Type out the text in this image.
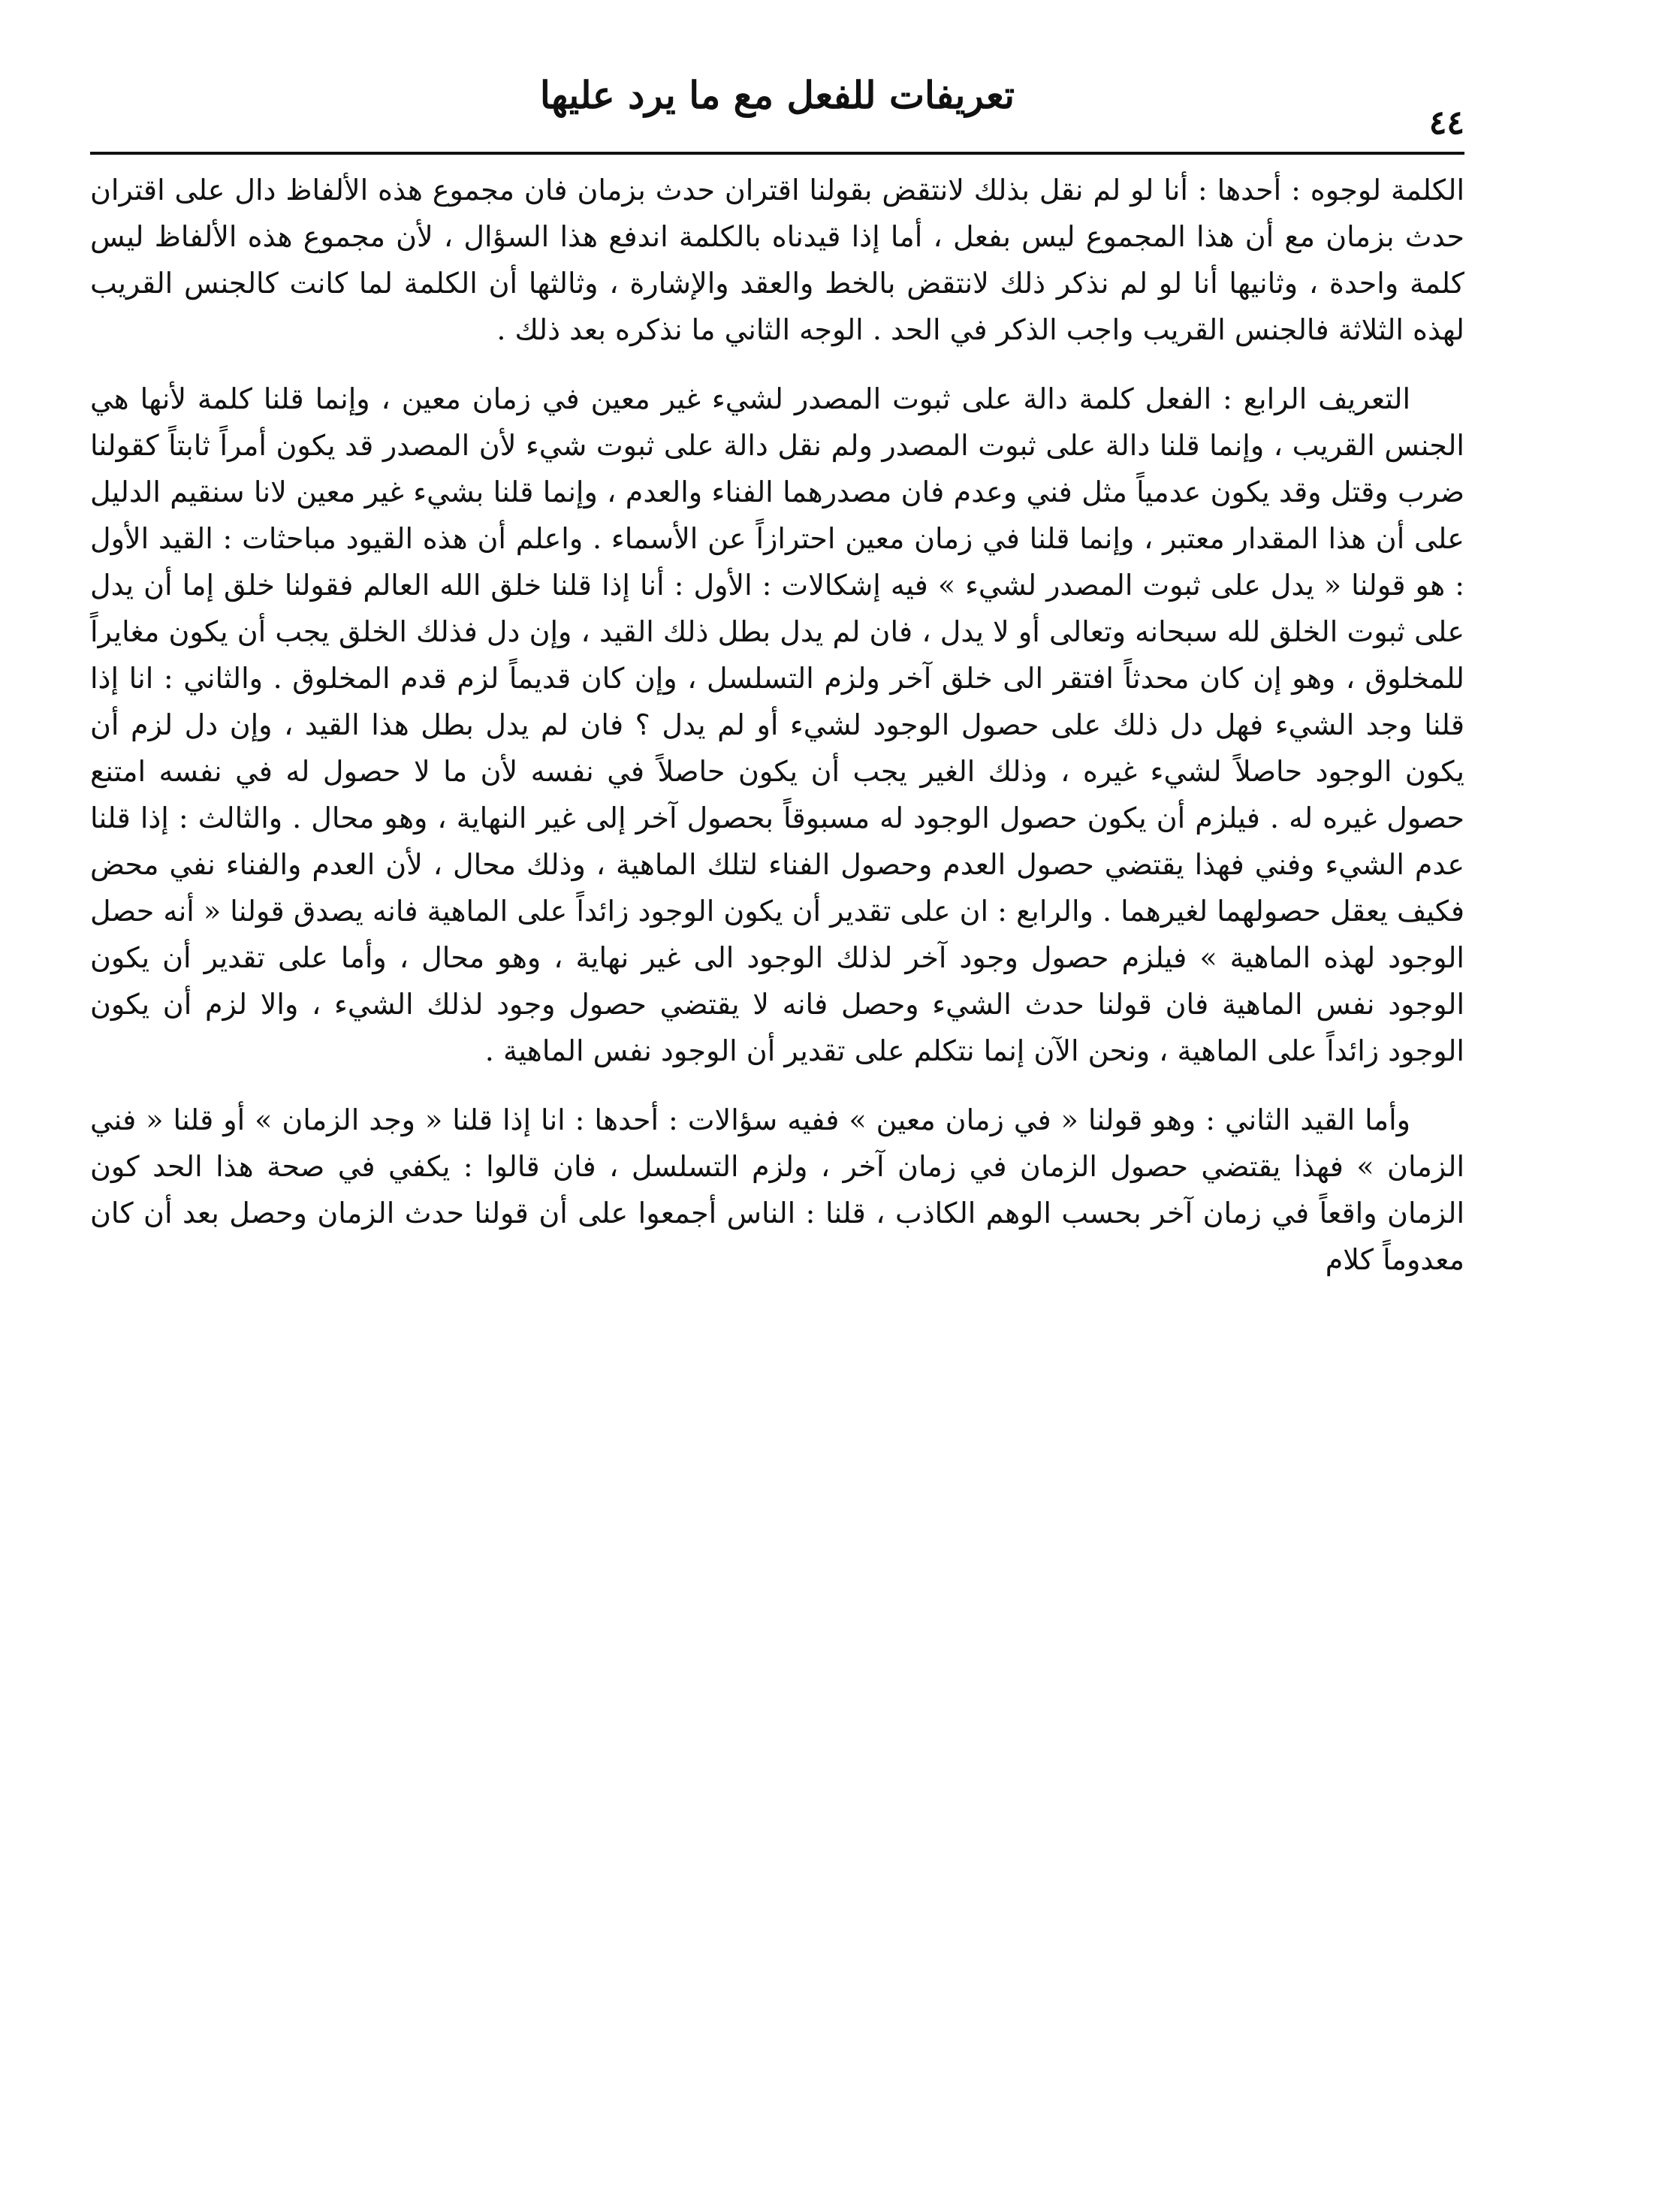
٤٤
تعريفات للفعل مع ما يرد عليها

الكلمة لوجوه : أحدها : أنا لو لم نقل بذلك لانتقض بقولنا اقتران حدث بزمان فان مجموع هذه الألفاظ دال على اقتران حدث بزمان مع أن هذا المجموع ليس بفعل ، أما إذا قيدناه بالكلمة اندفع هذا السؤال ، لأن مجموع هذه الألفاظ ليس كلمة واحدة ، وثانيها أنا لو لم نذكر ذلك لانتقض بالخط والعقد والإشارة ، وثالثها أن الكلمة لما كانت كالجنس القريب لهذه الثلاثة فالجنس القريب واجب الذكر في الحد . الوجه الثاني ما نذكره بعد ذلك .

التعريف الرابع : الفعل كلمة دالة على ثبوت المصدر لشيء غير معين في زمان معين ، وإنما قلنا كلمة لأنها هي الجنس القريب ، وإنما قلنا دالة على ثبوت المصدر ولم نقل دالة على ثبوت شيء لأن المصدر قد يكون أمراً ثابتاً كقولنا ضرب وقتل وقد يكون عدمياً مثل فني وعدم فان مصدرهما الفناء والعدم ، وإنما قلنا بشيء غير معين لانا سنقيم الدليل على أن هذا المقدار معتبر ، وإنما قلنا في زمان معين احترازاً عن الأسماء . واعلم أن هذه القيود مباحثات : القيد الأول : هو قولنا « يدل على ثبوت المصدر لشيء » فيه إشكالات : الأول : أنا إذا قلنا خلق الله العالم فقولنا خلق إما أن يدل على ثبوت الخلق لله سبحانه وتعالى أو لا يدل ، فان لم يدل بطل ذلك القيد ، وإن دل فذلك الخلق يجب أن يكون مغايراً للمخلوق ، وهو إن كان محدثاً افتقر الى خلق آخر ولزم التسلسل ، وإن كان قديماً لزم قدم المخلوق . والثاني : انا إذا قلنا وجد الشيء فهل دل ذلك على حصول الوجود لشيء أو لم يدل ؟ فان لم يدل بطل هذا القيد ، وإن دل لزم أن يكون الوجود حاصلاً لشيء غيره ، وذلك الغير يجب أن يكون حاصلاً في نفسه لأن ما لا حصول له في نفسه امتنع حصول غيره له . فيلزم أن يكون حصول الوجود له مسبوقاً بحصول آخر إلى غير النهاية ، وهو محال . والثالث : إذا قلنا عدم الشيء وفني فهذا يقتضي حصول العدم وحصول الفناء لتلك الماهية ، وذلك محال ، لأن العدم والفناء نفي محض فكيف يعقل حصولهما لغيرهما . والرابع : ان على تقدير أن يكون الوجود زائداً على الماهية فانه يصدق قولنا « أنه حصل الوجود لهذه الماهية » فيلزم حصول وجود آخر لذلك الوجود الى غير نهاية ، وهو محال ، وأما على تقدير أن يكون الوجود نفس الماهية فان قولنا حدث الشيء وحصل فانه لا يقتضي حصول وجود لذلك الشيء ، والا لزم أن يكون الوجود زائداً على الماهية ، ونحن الآن إنما نتكلم على تقدير أن الوجود نفس الماهية .

وأما القيد الثاني : وهو قولنا « في زمان معين » ففيه سؤالات : أحدها : انا إذا قلنا « وجد الزمان » أو قلنا « فني الزمان » فهذا يقتضي حصول الزمان في زمان آخر ، ولزم التسلسل ، فان قالوا : يكفي في صحة هذا الحد كون الزمان واقعاً في زمان آخر بحسب الوهم الكاذب ، قلنا : الناس أجمعوا على أن قولنا حدث الزمان وحصل بعد أن كان معدوماً كلام
